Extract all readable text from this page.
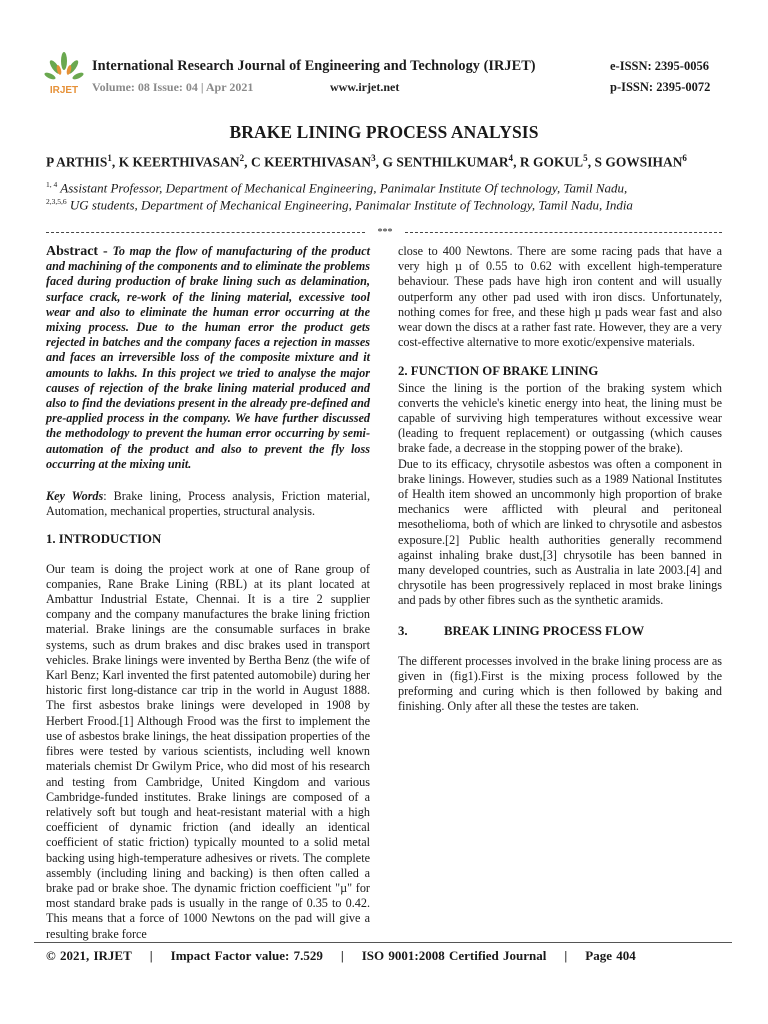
IRJET
International Research Journal of Engineering and Technology (IRJET)	e-ISSN: 2395-0056
Volume: 08 Issue: 04 | Apr 2021	www.irjet.net	p-ISSN: 2395-0072
BRAKE LINING PROCESS ANALYSIS
P ARTHIS$^1$, K KEERTHIVASAN$^2$, C KEERTHIVASAN$^3$, G SENTHILKUMAR$^4$, R GOKUL$^5$, S GOWSIHAN$^6$
$^{1, 4}$ Assistant Professor, Department of Mechanical Engineering, Panimalar Institute Of technology, Tamil Nadu,
$^{2,3,5,6}$ UG students, Department of Mechanical Engineering, Panimalar Institute of Technology, Tamil Nadu, India
***

Abstract - To map the flow of manufacturing of the product and machining of the components and to eliminate the problems faced during production of brake lining such as delamination, surface crack, re-work of the lining material, excessive tool wear and also to eliminate the human error occurring at the mixing process. Due to the human error the product gets rejected in batches and the company faces a rejection in masses and faces an irreversible loss of the composite mixture and it amounts to lakhs. In this project we tried to analyse the major causes of rejection of the brake lining material produced and also to find the deviations present in the already pre-defined and pre-applied process in the company. We have further discussed the methodology to prevent the human error occurring by semi-automation of the product and also to prevent the fly loss occurring at the mixing unit.

Key Words: Brake lining, Process analysis, Friction material, Automation, mechanical properties, structural analysis.

1. INTRODUCTION

Our team is doing the project work at one of Rane group of companies, Rane Brake Lining (RBL) at its plant located at Ambattur Industrial Estate, Chennai. It is a tire 2 supplier company and the company manufactures the brake lining friction material. Brake linings are the consumable surfaces in brake systems, such as drum brakes and disc brakes used in transport vehicles. Brake linings were invented by Bertha Benz (the wife of Karl Benz; Karl invented the first patented automobile) during her historic first long-distance car trip in the world in August 1888. The first asbestos brake linings were developed in 1908 by Herbert Frood.[1] Although Frood was the first to implement the use of asbestos brake linings, the heat dissipation properties of the fibres were tested by various scientists, including well known materials chemist Dr Gwilym Price, who did most of his research and testing from Cambridge, United Kingdom and various Cambridge-funded institutes. Brake linings are composed of a relatively soft but tough and heat-resistant material with a high coefficient of dynamic friction (and ideally an identical coefficient of static friction) typically mounted to a solid metal backing using high-temperature adhesives or rivets. The complete assembly (including lining and backing) is then often called a brake pad or brake shoe. The dynamic friction coefficient "µ" for most standard brake pads is usually in the range of 0.35 to 0.42. This means that a force of 1000 Newtons on the pad will give a resulting brake force

close to 400 Newtons. There are some racing pads that have a very high µ of 0.55 to 0.62 with excellent high-temperature behaviour. These pads have high iron content and will usually outperform any other pad used with iron discs. Unfortunately, nothing comes for free, and these high µ pads wear fast and also wear down the discs at a rather fast rate. However, they are a very cost-effective alternative to more exotic/expensive materials.

2. FUNCTION OF BRAKE LINING

Since the lining is the portion of the braking system which converts the vehicle's kinetic energy into heat, the lining must be capable of surviving high temperatures without excessive wear (leading to frequent replacement) or outgassing (which causes brake fade, a decrease in the stopping power of the brake).

Due to its efficacy, chrysotile asbestos was often a component in brake linings. However, studies such as a 1989 National Institutes of Health item showed an uncommonly high proportion of brake mechanics were afflicted with pleural and peritoneal mesothelioma, both of which are linked to chrysotile and asbestos exposure.[2] Public health authorities generally recommend against inhaling brake dust,[3] chrysotile has been banned in many developed countries, such as Australia in late 2003.[4] and chrysotile has been progressively replaced in most brake linings and pads by other fibres such as the synthetic aramids.

3.	BREAK LINING PROCESS FLOW

The different processes involved in the brake lining process are as given in (fig1).First is the mixing process followed by the preforming and curing which is then followed by baking and finishing. Only after all these the testes are taken.

© 2021, IRJET | Impact Factor value: 7.529 | ISO 9001:2008 Certified Journal | Page 404
